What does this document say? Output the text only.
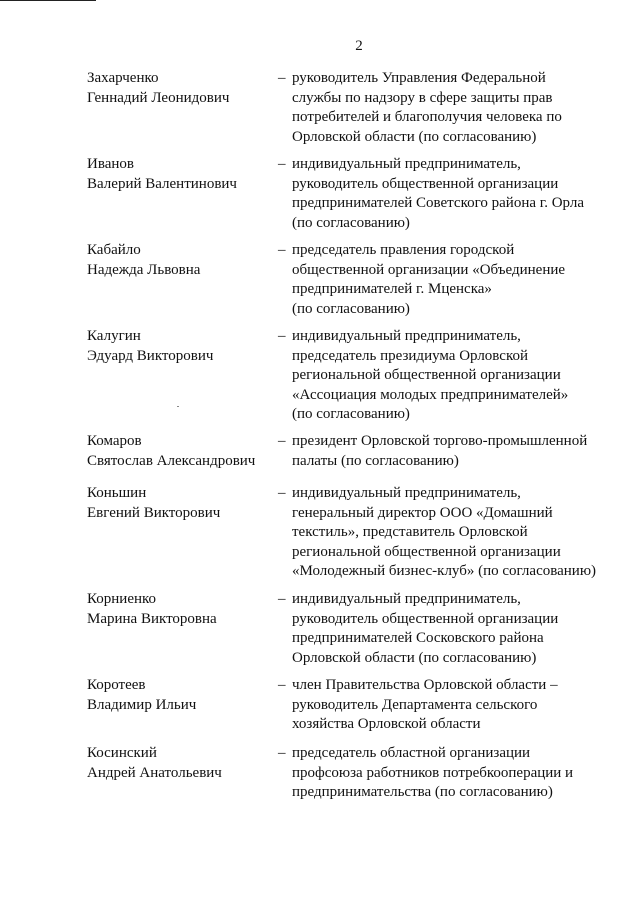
2
Захарченко
Геннадий Леонидович
– руководитель Управления Федеральной
службы по надзору в сфере защиты прав
потребителей и благополучия человека по
Орловской области (по согласованию)
Иванов
Валерий Валентинович
– индивидуальный предприниматель,
руководитель общественной организации
предпринимателей Советского района г. Орла
(по согласованию)
Кабайло
Надежда Львовна
– председатель правления городской
общественной организации «Объединение
предпринимателей г. Мценска»
(по согласованию)
Калугин
Эдуард Викторович
– индивидуальный предприниматель,
председатель президиума Орловской
региональной общественной организации
«Ассоциация молодых предпринимателей»
(по согласованию)
Комаров
Святослав Александрович
– президент Орловской торгово-промышленной
палаты (по согласованию)
Коньшин
Евгений Викторович
– индивидуальный предприниматель,
генеральный директор ООО «Домашний
текстиль», представитель Орловской
региональной общественной организации
«Молодежный бизнес-клуб» (по согласованию)
Корниенко
Марина Викторовна
– индивидуальный предприниматель,
руководитель общественной организации
предпринимателей Сосковского района
Орловской области (по согласованию)
Коротеев
Владимир Ильич
– член Правительства Орловской области –
руководитель Департамента сельского
хозяйства Орловской области
Косинский
Андрей Анатольевич
– председатель областной организации
профсоюза работников потребкооперации и
предпринимательства (по согласованию)
